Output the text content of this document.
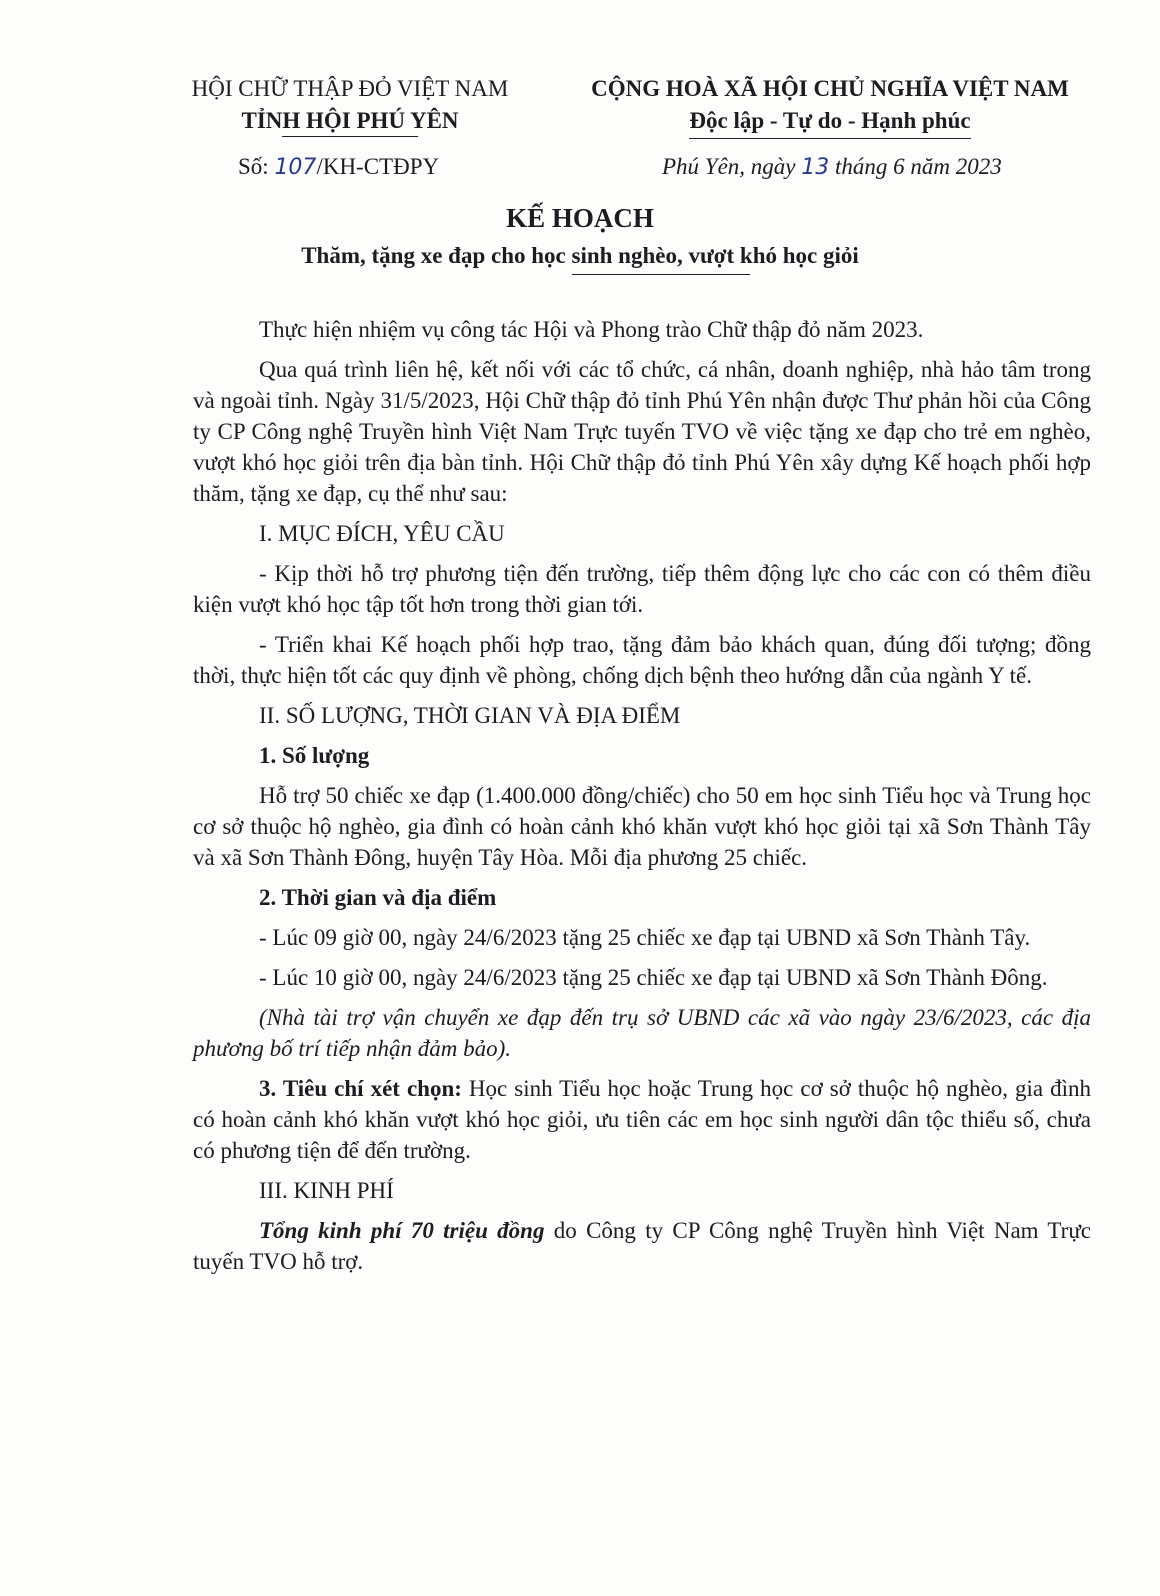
HỘI CHỮ THẬP ĐỎ VIỆT NAM
TỈNH HỘI PHÚ YÊN
CỘNG HOÀ XÃ HỘI CHỦ NGHĨA VIỆT NAM
Độc lập - Tự do - Hạnh phúc
Số: 107/KH-CTĐPY	Phú Yên, ngày 13 tháng 6 năm 2023
KẾ HOẠCH
Thăm, tặng xe đạp cho học sinh nghèo, vượt khó học giỏi

Thực hiện nhiệm vụ công tác Hội và Phong trào Chữ thập đỏ năm 2023.

Qua quá trình liên hệ, kết nối với các tổ chức, cá nhân, doanh nghiệp, nhà hảo tâm trong và ngoài tỉnh. Ngày 31/5/2023, Hội Chữ thập đỏ tỉnh Phú Yên nhận được Thư phản hồi của Công ty CP Công nghệ Truyền hình Việt Nam Trực tuyến TVO về việc tặng xe đạp cho trẻ em nghèo, vượt khó học giỏi trên địa bàn tỉnh. Hội Chữ thập đỏ tỉnh Phú Yên xây dựng Kế hoạch phối hợp thăm, tặng xe đạp, cụ thể như sau:

I. MỤC ĐÍCH, YÊU CẦU

- Kịp thời hỗ trợ phương tiện đến trường, tiếp thêm động lực cho các con có thêm điều kiện vượt khó học tập tốt hơn trong thời gian tới.

- Triển khai Kế hoạch phối hợp trao, tặng đảm bảo khách quan, đúng đối tượng; đồng thời, thực hiện tốt các quy định về phòng, chống dịch bệnh theo hướng dẫn của ngành Y tế.

II. SỐ LƯỢNG, THỜI GIAN VÀ ĐỊA ĐIỂM

1. Số lượng

Hỗ trợ 50 chiếc xe đạp (1.400.000 đồng/chiếc) cho 50 em học sinh Tiểu học và Trung học cơ sở thuộc hộ nghèo, gia đình có hoàn cảnh khó khăn vượt khó học giỏi tại xã Sơn Thành Tây và xã Sơn Thành Đông, huyện Tây Hòa. Mỗi địa phương 25 chiếc.

2. Thời gian và địa điểm

- Lúc 09 giờ 00, ngày 24/6/2023 tặng 25 chiếc xe đạp tại UBND xã Sơn Thành Tây.

- Lúc 10 giờ 00, ngày 24/6/2023 tặng 25 chiếc xe đạp tại UBND xã Sơn Thành Đông.

(Nhà tài trợ vận chuyển xe đạp đến trụ sở UBND các xã vào ngày 23/6/2023, các địa phương bố trí tiếp nhận đảm bảo).

3. Tiêu chí xét chọn: Học sinh Tiểu học hoặc Trung học cơ sở thuộc hộ nghèo, gia đình có hoàn cảnh khó khăn vượt khó học giỏi, ưu tiên các em học sinh người dân tộc thiểu số, chưa có phương tiện để đến trường.

III. KINH PHÍ

Tổng kinh phí 70 triệu đồng do Công ty CP Công nghệ Truyền hình Việt Nam Trực tuyến TVO hỗ trợ.
